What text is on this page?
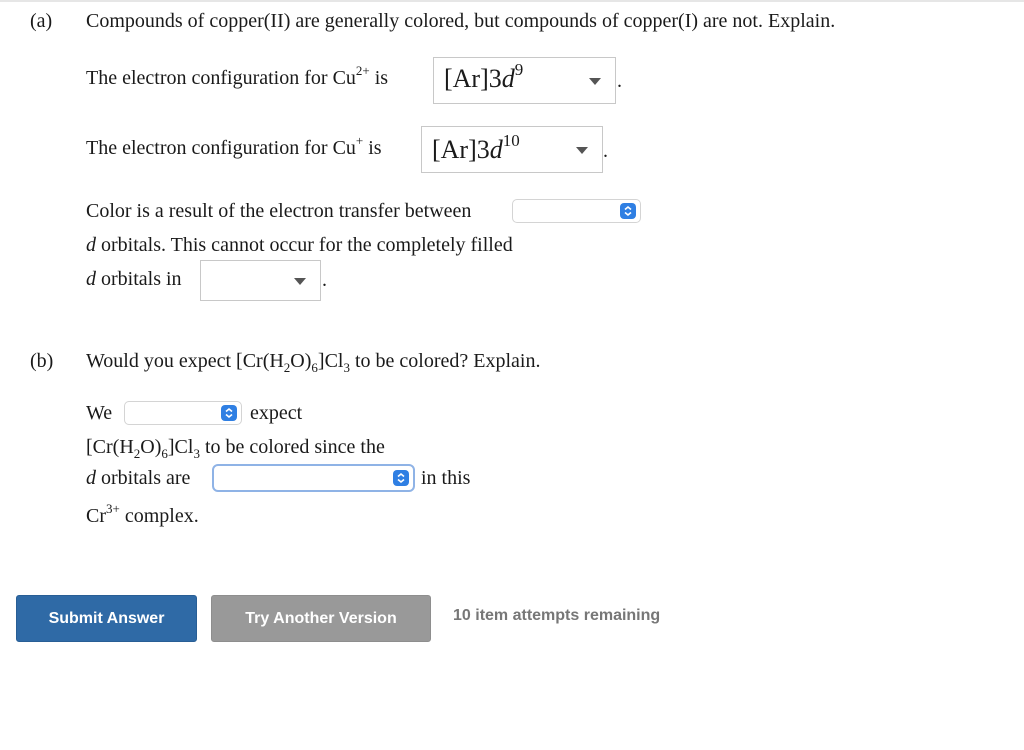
(a) Compounds of copper(II) are generally colored, but compounds of copper(I) are not. Explain.
The electron configuration for $Cu^{2+}$ is $[Ar]3d^9$
.
The electron configuration for Cu+ is $[Ar]3d^{10}$	.
Color is a result of the electron transfer between
d orbitals. This cannot occur for the completely filled
d orbitals in	.
(b) Would you expect $[Cr(H_2O)_6]Cl_3$ to be colored? Explain.
We	expect
$[Cr(H_2O)_6]Cl_3$ to be colored since the
d orbitals are	in this
$Cr^{3+}$ complex.
Submit Answer	Try Another Version	10 item attempts remaining
